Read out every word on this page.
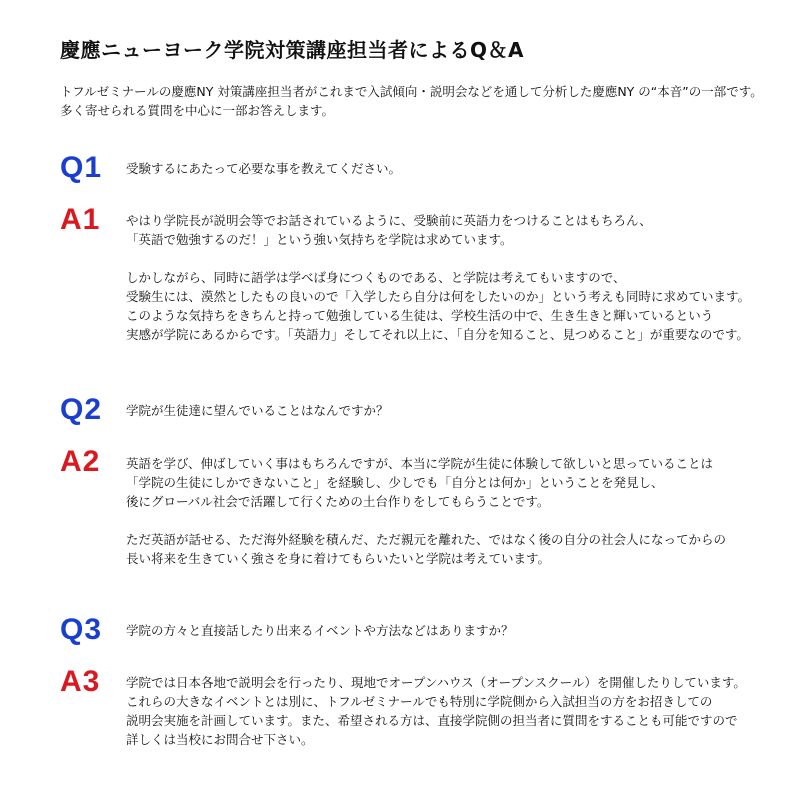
慶應ニューヨーク学院対策講座担当者によるQ＆A
トフルゼミナールの慶應NY 対策講座担当者がこれまで入試傾向・説明会などを通して分析した慶應NY の“本音”の一部です。
多く寄せられる質問を中心に一部お答えします。
Q1 受験するにあたって必要な事を教えてください。
A1 やはり学院長が説明会等でお話されているように、受験前に英語力をつけることはもちろん、
「英語で勉強するのだ！」という強い気持ちを学院は求めています。
しかしながら、同時に語学は学べば身につくものである、と学院は考えてもいますので、
受験生には、漠然としたもの良いので「入学したら自分は何をしたいのか」という考えも同時に求めています。
このような気持ちをきちんと持って勉強している生徒は、学校生活の中で、生き生きと輝いているという
実感が学院にあるからです。「英語力」そしてそれ以上に、「自分を知ること、見つめること」が重要なのです。
Q2 学院が生徒達に望んでいることはなんですか？
A2 英語を学び、伸ばしていく事はもちろんですが、本当に学院が生徒に体験して欲しいと思っていることは
「学院の生徒にしかできないこと」を経験し、少しでも「自分とは何か」ということを発見し、
後にグローバル社会で活躍して行くための土台作りをしてもらうことです。
ただ英語が話せる、ただ海外経験を積んだ、ただ親元を離れた、ではなく後の自分の社会人になってからの
長い将来を生きていく強さを身に着けてもらいたいと学院は考えています。
Q3 学院の方々と直接話したり出来るイベントや方法などはありますか？
A3 学院では日本各地で説明会を行ったり、現地でオープンハウス（オープンスクール）を開催したりしています。
これらの大きなイベントとは別に、トフルゼミナールでも特別に学院側から入試担当の方をお招きしての
説明会実施を計画しています。また、希望される方は、直接学院側の担当者に質問をすることも可能ですので
詳しくは当校にお問合せ下さい。
